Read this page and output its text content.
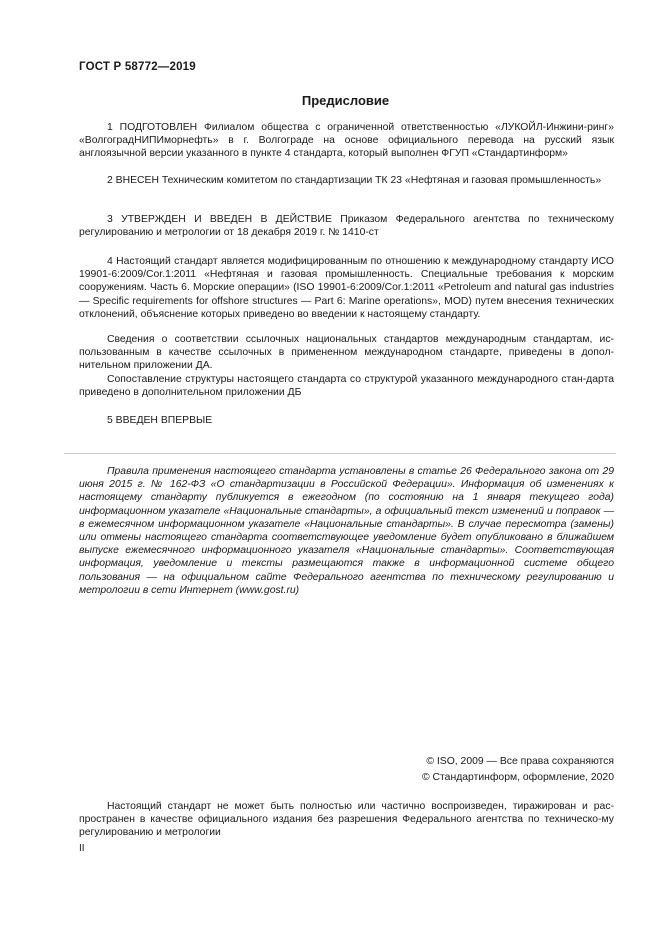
ГОСТ Р 58772—2019
Предисловие

1 ПОДГОТОВЛЕН Филиалом общества с ограниченной ответственностью «ЛУКОЙЛ-Инжини-ринг» «ВолгоградНИПИморнефть» в г. Волгограде на основе официального перевода на русский язык англоязычной версии указанного в пункте 4 стандарта, который выполнен ФГУП «Стандартинформ»

2 ВНЕСЕН Техническим комитетом по стандартизации ТК 23 «Нефтяная и газовая промышленность»

3 УТВЕРЖДЕН И ВВЕДЕН В ДЕЙСТВИЕ Приказом Федерального агентства по техническому регулированию и метрологии от 18 декабря 2019 г. № 1410-ст

4 Настоящий стандарт является модифицированным по отношению к международному стандарту ИСО 19901-6:2009/Cor.1:2011 «Нефтяная и газовая промышленность. Специальные требования к морским сооружениям. Часть 6. Морские операции» (ISO 19901-6:2009/Cor.1:2011 «Petroleum and natural gas industries — Specific requirements for offshore structures — Part 6: Marine operations», MOD) путем внесения технических отклонений, объяснение которых приведено во введении к настоящему стандарту.

Сведения о соответствии ссылочных национальных стандартов международным стандартам, ис-пользованным в качестве ссылочных в примененном международном стандарте, приведены в допол-нительном приложении ДА.

Сопоставление структуры настоящего стандарта со структурой указанного международного стан-дарта приведено в дополнительном приложении ДБ

5 ВВЕДЕН ВПЕРВЫЕ

Правила применения настоящего стандарта установлены в статье 26 Федерального закона от 29 июня 2015 г. № 162-ФЗ «О стандартизации в Российской Федерации». Информация об изменениях к настоящему стандарту публикуется в ежегодном (по состоянию на 1 января текущего года) информационном указателе «Национальные стандарты», а официальный текст изменений и поправок — в ежемесячном информационном указателе «Национальные стандарты». В случае пересмотра (замены) или отмены настоящего стандарта соответствующее уведомление будет опубликовано в ближайшем выпуске ежемесячного информационного указателя «Национальные стандарты». Соответствующая информация, уведомление и тексты размещаются также в информационной системе общего пользования — на официальном сайте Федерального агентства по техническому регулированию и метрологии в сети Интернет (www.gost.ru)

© ISO, 2009 — Все права сохраняются
© Стандартинформ, оформление, 2020

Настоящий стандарт не может быть полностью или частично воспроизведен, тиражирован и рас-пространен в качестве официального издания без разрешения Федерального агентства по техническо-му регулированию и метрологии

II
